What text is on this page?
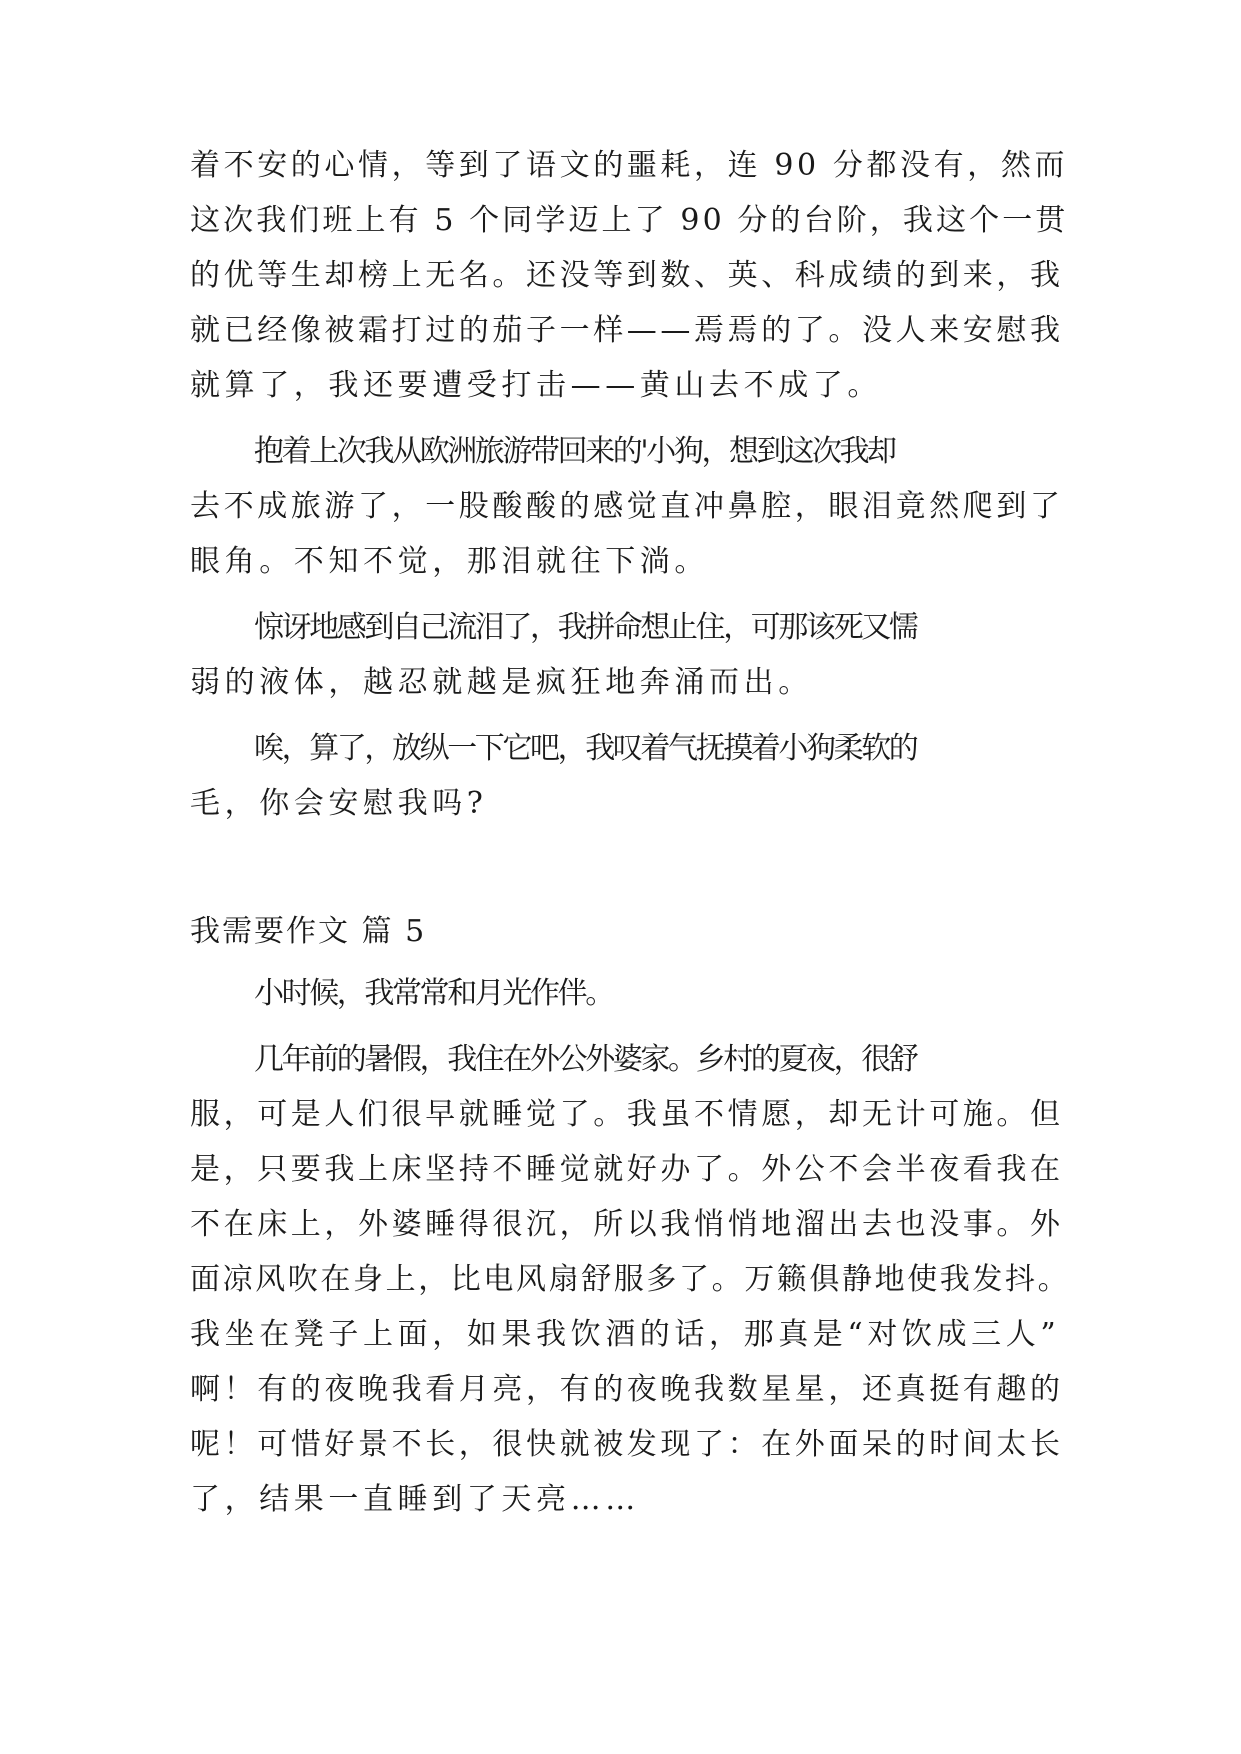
着不安的心情，等到了语文的噩耗，连 90 分都没有，然而

这次我们班上有 5 个同学迈上了 90 分的台阶，我这个一贯

的优等生却榜上无名。还没等到数、英、科成绩的到来，我

就已经像被霜打过的茄子一样——焉焉的了。没人来安慰我

就算了，我还要遭受打击——黄山去不成了。

抱着上次我从欧洲旅游带回来的'小狗，想到这次我却

去不成旅游了，一股酸酸的感觉直冲鼻腔，眼泪竟然爬到了

眼角。不知不觉，那泪就往下淌。

惊讶地感到自己流泪了，我拼命想止住，可那该死又懦

弱的液体，越忍就越是疯狂地奔涌而出。

唉，算了，放纵一下它吧，我叹着气抚摸着小狗柔软的

毛，你会安慰我吗?

我需要作文 篇 5

小时候，我常常和月光作伴。

几年前的暑假，我住在外公外婆家。乡村的夏夜，很舒

服，可是人们很早就睡觉了。我虽不情愿，却无计可施。但

是，只要我上床坚持不睡觉就好办了。外公不会半夜看我在

不在床上，外婆睡得很沉，所以我悄悄地溜出去也没事。外

面凉风吹在身上，比电风扇舒服多了。万籁俱静地使我发抖。

我坐在凳子上面，如果我饮酒的话，那真是“对饮成三人”

啊！有的夜晚我看月亮，有的夜晚我数星星，还真挺有趣的

呢！可惜好景不长，很快就被发现了：在外面呆的时间太长

了，结果一直睡到了天亮……
